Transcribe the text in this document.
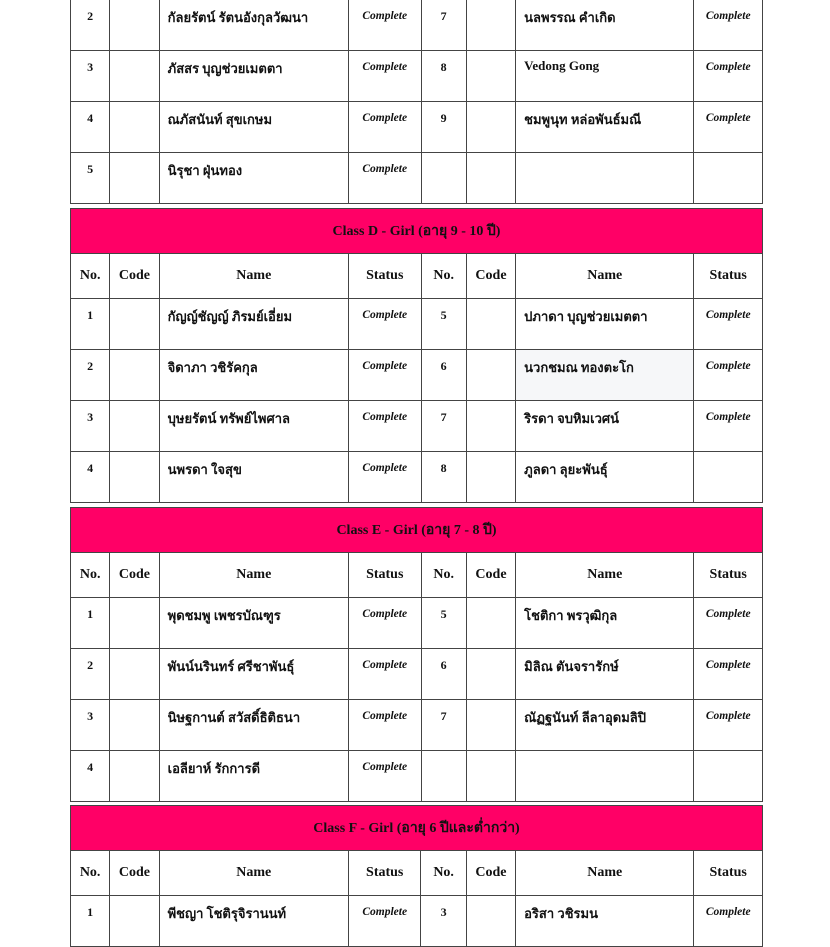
2		กัลยรัตน์ รัตนอังกุลวัฒนา	Complete	7		นลพรรณ คำเกิด	Complete
3		ภัสสร บุญช่วยเมตตา	Complete	8		Vedong Gong	Complete
4		ณภัสนันท์ สุขเกษม	Complete	9		ชมพูนุท หล่อพันธ์มณี	Complete
5		นิรุชา ฝุ่นทอง	Complete				
Class D - Girl (อายุ 9 - 10 ปี)							
No.	Code	Name	Status	No.	Code	Name	Status
1		กัญญ์ชัญญ์ ภิรมย์เอี่ยม	Complete	5		ปภาดา บุญช่วยเมตตา	Complete
2		จิดาภา วชิรัคกุล	Complete	6		นวกชมณ ทองตะโก	Complete
3		บุษยรัตน์ ทรัพย์ไพศาล	Complete	7		ริรดา จบหิมเวศน์	Complete
4		นพรดา ใจสุข	Complete	8		ภูลดา ลุยะพันธุ์	
Class E - Girl (อายุ 7 - 8 ปี)							
No.	Code	Name	Status	No.	Code	Name	Status
1		พุดชมพู เพชรบัณฑูร	Complete	5		โชติกา พรวุฒิกุล	Complete
2		พันน์นรินทร์ ศรีชาพันธุ์	Complete	6		มิลิณ ตันจรารักษ์	Complete
3		นิษฐกานต์ สวัสดิ์ธิติธนา	Complete	7		ณัฏฐนันท์ ลีลาอุดมลิปิ	Complete
4		เอลียาห์ รักการดี	Complete				
Class F - Girl (อายุ 6 ปีและต่ำกว่า)							
No.	Code	Name	Status	No.	Code	Name	Status
1		พีชญา โชติรุจิรานนท์	Complete	3		อริสา วชิรมน	Complete
